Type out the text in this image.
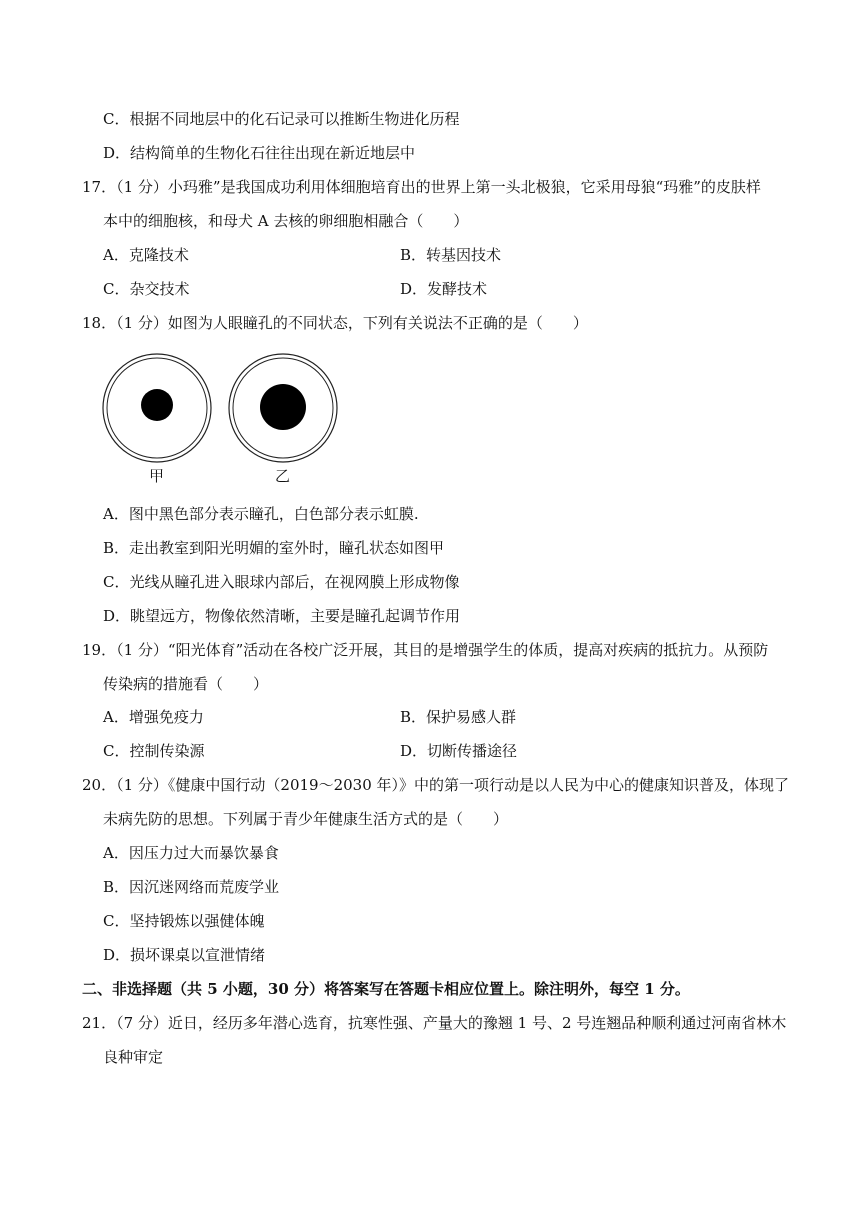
C．根据不同地层中的化石记录可以推断生物进化历程
D．结构简单的生物化石往往出现在新近地层中
17．（1 分）小玛雅”是我国成功利用体细胞培育出的世界上第一头北极狼，它采用母狼“玛雅”的皮肤样
本中的细胞核，和母犬 A 去核的卵细胞相融合（　　）
A．克隆技术	B．转基因技术
C．杂交技术	D．发酵技术
18．（1 分）如图为人眼瞳孔的不同状态，下列有关说法不正确的是（　　）
甲	乙
A．图中黑色部分表示瞳孔，白色部分表示虹膜.
B．走出教室到阳光明媚的室外时，瞳孔状态如图甲
C．光线从瞳孔进入眼球内部后，在视网膜上形成物像
D．眺望远方，物像依然清晰，主要是瞳孔起调节作用
19．（1 分）“阳光体育”活动在各校广泛开展，其目的是增强学生的体质，提高对疾病的抵抗力。从预防
传染病的措施看（　　）
A．增强免疫力	B．保护易感人群
C．控制传染源	D．切断传播途径
20．（1 分）《健康中国行动（2019～2030 年）》中的第一项行动是以人民为中心的健康知识普及，体现了
未病先防的思想。下列属于青少年健康生活方式的是（　　）
A．因压力过大而暴饮暴食
B．因沉迷网络而荒废学业
C．坚持锻炼以强健体魄
D．损坏课桌以宣泄情绪
二、非选择题（共 5 小题，30 分）将答案写在答题卡相应位置上。除注明外，每空 1 分。
21．（7 分）近日，经历多年潜心选育，抗寒性强、产量大的豫翘 1 号、2 号连翘品种顺利通过河南省林木
良种审定
